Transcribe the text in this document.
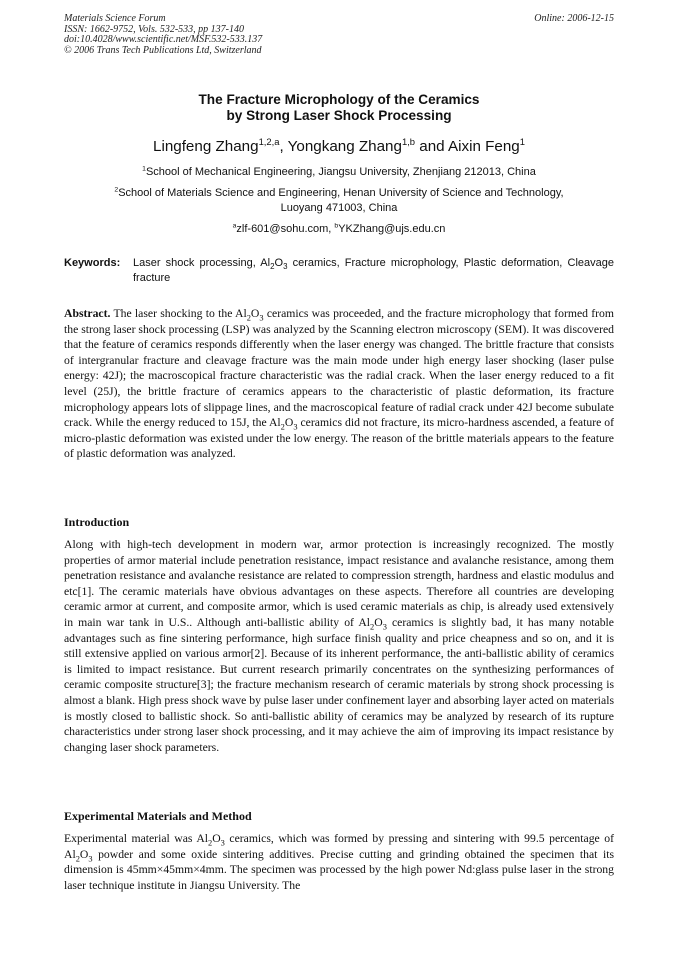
Materials Science Forum
ISSN: 1662-9752, Vols. 532-533, pp 137-140
doi:10.4028/www.scientific.net/MSF.532-533.137
© 2006 Trans Tech Publications Ltd, Switzerland
Online: 2006-12-15
The Fracture Microphology of the Ceramics
by Strong Laser Shock Processing
Lingfeng Zhang$^{1,2,a}$, Yongkang Zhang$^{1,b}$ and Aixin Feng$^1$
$^1$School of Mechanical Engineering, Jiangsu University, Zhenjiang 212013, China
$^2$School of Materials Science and Engineering, Henan University of Science and Technology,
Luoyang 471003, China
$^a$zlf-601@sohu.com, $^b$YKZhang@ujs.edu.cn
Keywords: Laser shock processing, $Al_2O_3$ ceramics, Fracture microphology, Plastic deformation, Cleavage fracture
Abstract. The laser shocking to the $Al_2O_3$ ceramics was proceeded, and the fracture microphology that formed from the strong laser shock processing (LSP) was analyzed by the Scanning electron microscopy (SEM). It was discovered that the feature of ceramics responds differently when the laser energy was changed. The brittle fracture that consists of intergranular fracture and cleavage fracture was the main mode under high energy laser shocking (laser pulse energy: 42J); the macroscopical fracture characteristic was the radial crack. When the laser energy reduced to a fit level (25J), the brittle fracture of ceramics appears to the characteristic of plastic deformation, its fracture microphology appears lots of slippage lines, and the macroscopical feature of radial crack under 42J become subulate crack. While the energy reduced to 15J, the $Al_2O_3$ ceramics did not fracture, its micro-hardness ascended, a feature of micro-plastic deformation was existed under the low energy. The reason of the brittle materials appears to the feature of plastic deformation was analyzed.
Introduction
Along with high-tech development in modern war, armor protection is increasingly recognized. The mostly properties of armor material include penetration resistance, impact resistance and avalanche resistance, among them penetration resistance and avalanche resistance are related to compression strength, hardness and elastic modulus and etc[1]. The ceramic materials have obvious advantages on these aspects. Therefore all countries are developing ceramic armor at current, and composite armor, which is used ceramic materials as chip, is already used extensively in main war tank in U.S.. Although anti-ballistic ability of $Al_2O_3$ ceramics is slightly bad, it has many notable advantages such as fine sintering performance, high surface finish quality and price cheapness and so on, and it is still extensive applied on various armor[2]. Because of its inherent performance, the anti-ballistic ability of ceramics is limited to impact resistance. But current research primarily concentrates on the synthesizing performances of ceramic composite structure[3]; the fracture mechanism research of ceramic materials by strong shock processing is almost a blank. High press shock wave by pulse laser under confinement layer and absorbing layer acted on materials is mostly closed to ballistic shock. So anti-ballistic ability of ceramics may be analyzed by research of its rupture characteristics under strong laser shock processing, and it may achieve the aim of improving its impact resistance by changing laser shock parameters.
Experimental Materials and Method
Experimental material was $Al_2O_3$ ceramics, which was formed by pressing and sintering with 99.5 percentage of $Al_2O_3$ powder and some oxide sintering additives. Precise cutting and grinding obtained the specimen that its dimension is 45mm×45mm×4mm. The specimen was processed by the high power Nd:glass pulse laser in the strong laser technique institute in Jiangsu University. The
